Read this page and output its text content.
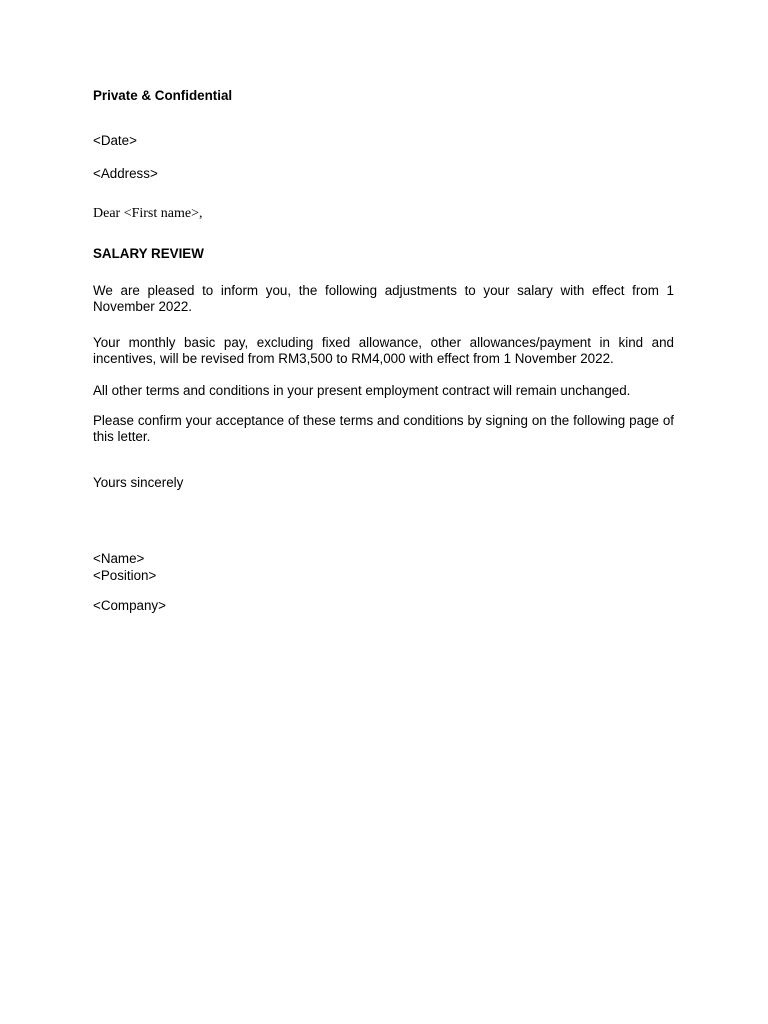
Private & Confidential

<Date>

<Address>

Dear <First name>,

SALARY REVIEW

We are pleased to inform you, the following adjustments to your salary with effect from 1 November 2022.

Your monthly basic pay, excluding fixed allowance, other allowances/payment in kind and incentives, will be revised from RM3,500 to RM4,000 with effect from 1 November 2022.

All other terms and conditions in your present employment contract will remain unchanged.

Please confirm your acceptance of these terms and conditions by signing on the following page of this letter.

Yours sincerely

<Name>

<Position>

<Company>
